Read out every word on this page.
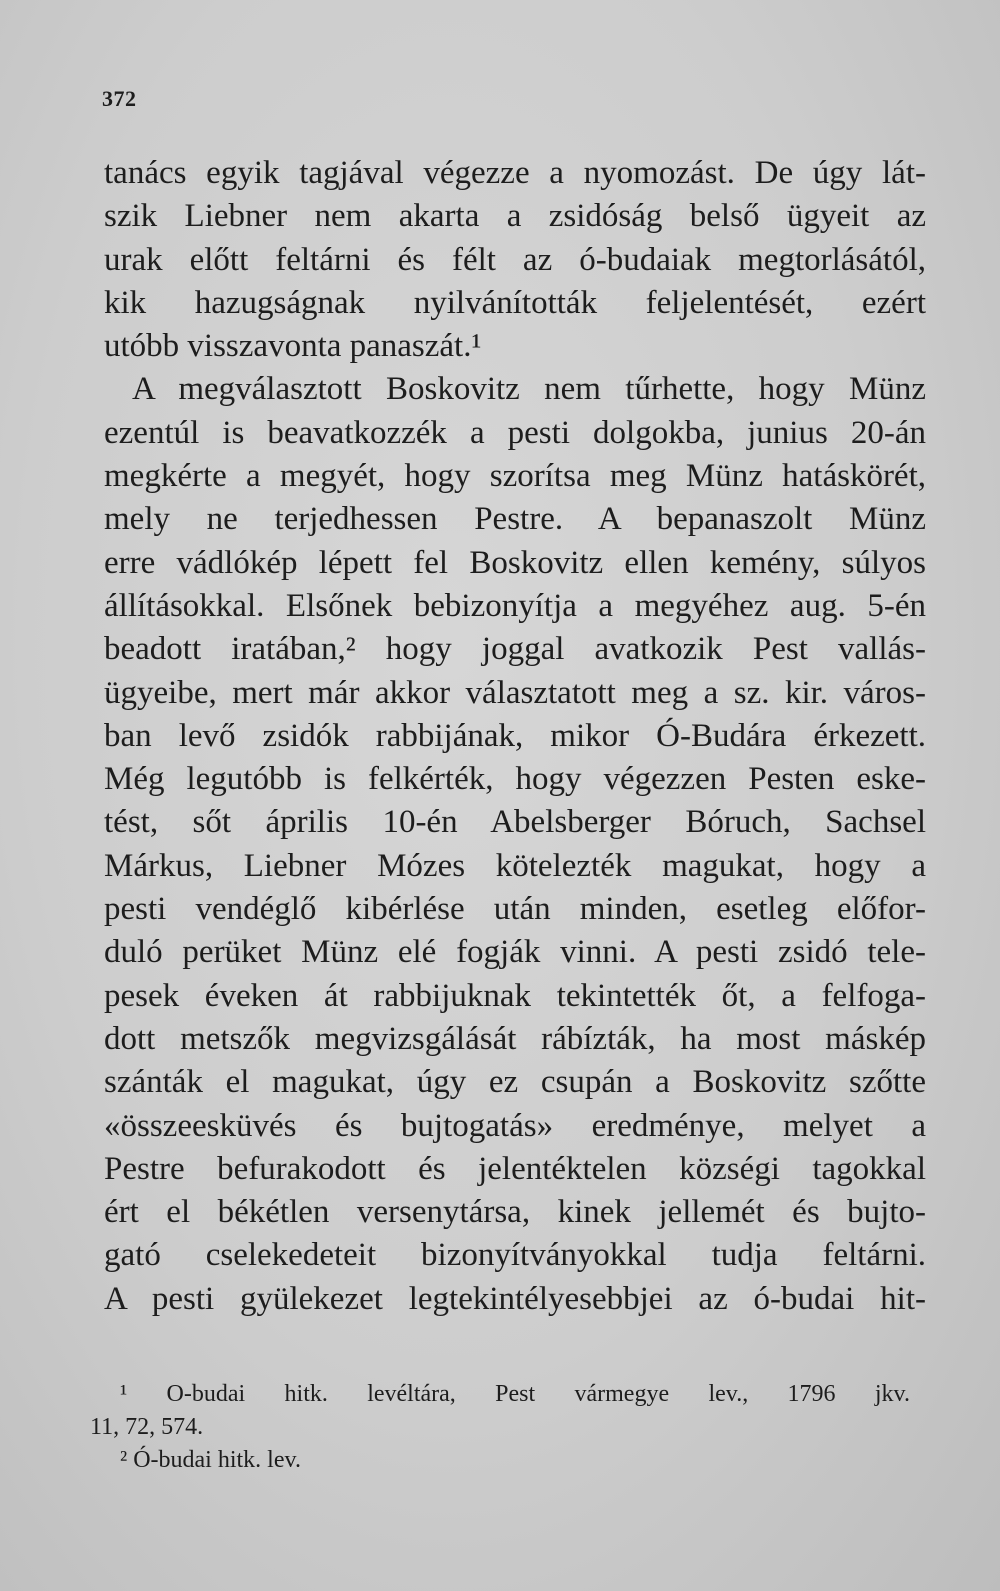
372
tanács egyik tagjával végezze a nyomozást. De úgy lát-
szik Liebner nem akarta a zsidóság belső ügyeit az
urak előtt feltárni és félt az ó-budaiak megtorlásától,
kik hazugságnak nyilvánították feljelentését, ezért
utóbb visszavonta panaszát.¹
A megválasztott Boskovitz nem tűrhette, hogy Münz
ezentúl is beavatkozzék a pesti dolgokba, junius 20-án
megkérte a megyét, hogy szorítsa meg Münz hatáskörét,
mely ne terjedhessen Pestre. A bepanaszolt Münz
erre vádlókép lépett fel Boskovitz ellen kemény, súlyos
állításokkal. Elsőnek bebizonyítja a megyéhez aug. 5-én
beadott iratában,² hogy joggal avatkozik Pest vallás-
ügyeibe, mert már akkor választatott meg a sz. kir. város-
ban levő zsidók rabbijának, mikor Ó-Budára érkezett.
Még legutóbb is felkérték, hogy végezzen Pesten eske-
tést, sőt április 10-én Abelsberger Bóruch, Sachsel
Márkus, Liebner Mózes kötelezték magukat, hogy a
pesti vendéglő kibérlése után minden, esetleg előfor-
duló perüket Münz elé fogják vinni. A pesti zsidó tele-
pesek éveken át rabbijuknak tekintették őt, a felfoga-
dott metszők megvizsgálását rábízták, ha most máskép
szánták el magukat, úgy ez csupán a Boskovitz szőtte
«összeesküvés és bujtogatás» eredménye, melyet a
Pestre befurakodott és jelentéktelen községi tagokkal
ért el békétlen versenytársa, kinek jellemét és bujto-
gató cselekedeteit bizonyítványokkal tudja feltárni.
A pesti gyülekezet legtekintélyesebbjei az ó-budai hit-
¹ O-budai hitk. levéltára, Pest vármegye lev., 1796 jkv.
11, 72, 574.
² Ó-budai hitk. lev.
